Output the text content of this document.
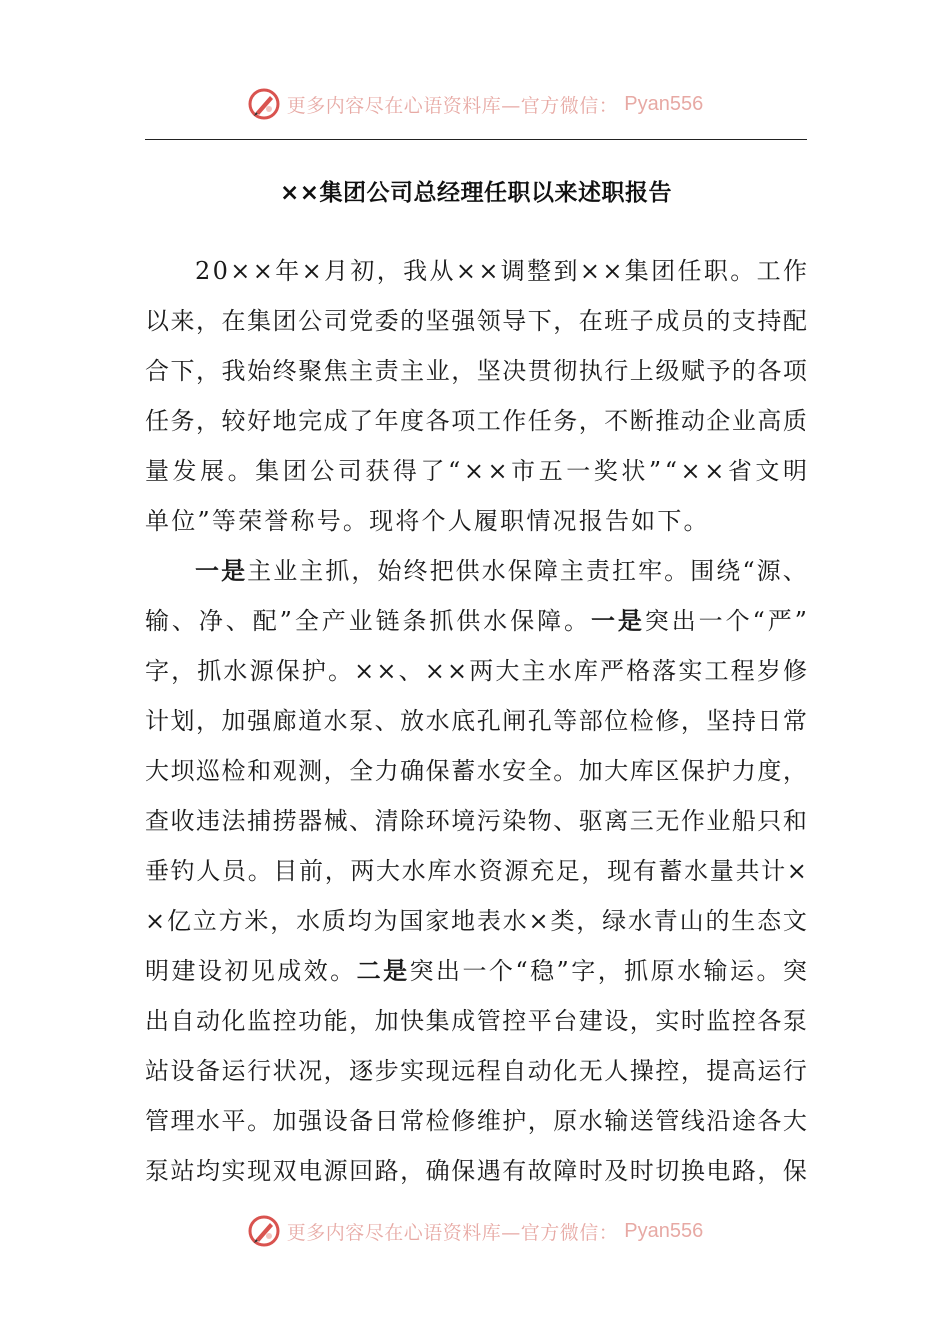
更多内容尽在心语资料库—官方微信： Pyan556
××集团公司总经理任职以来述职报告
2 0 × × 年 × 月 初 ， 我 从 × × 调 整 到 × × 集 团 任 职 。 工 作
以 来 ， 在 集 团 公 司 党 委 的 坚 强 领 导 下 ， 在 班 子 成 员 的 支 持 配
合 下 ， 我 始 终 聚 焦 主 责 主 业 ， 坚 决 贯 彻 执 行 上 级 赋 予 的 各 项
任 务 ， 较 好 地 完 成 了 年 度 各 项 工 作 任 务 ， 不 断 推 动 企 业 高 质
量 发 展 。 集 团 公 司 获 得 了 “ × × 市 五 一 奖 状 ” “ × × 省 文 明
单 位 ” 等 荣 誉 称 号 。 现 将 个 人 履 职 情 况 报 告 如 下 。
一 是 主 业 主 抓 ， 始 终 把 供 水 保 障 主 责 扛 牢 。 围 绕 “ 源 、
输 、 净 、 配 ” 全 产 业 链 条 抓 供 水 保 障 。 一 是 突 出 一 个 “ 严 ”
字 ， 抓 水 源 保 护 。 × × 、 × × 两 大 主 水 库 严 格 落 实 工 程 岁 修
计 划 ， 加 强 廊 道 水 泵 、 放 水 底 孔 闸 孔 等 部 位 检 修 ， 坚 持 日 常
大 坝 巡 检 和 观 测 ， 全 力 确 保 蓄 水 安 全 。 加 大 库 区 保 护 力 度 ，
查 收 违 法 捕 捞 器 械 、 清 除 环 境 污 染 物 、 驱 离 三 无 作 业 船 只 和
垂 钓 人 员 。 目 前 ， 两 大 水 库 水 资 源 充 足 ， 现 有 蓄 水 量 共 计 ×
× 亿 立 方 米 ， 水 质 均 为 国 家 地 表 水 × 类 ， 绿 水 青 山 的 生 态 文
明 建 设 初 见 成 效 。 二 是 突 出 一 个 “ 稳 ” 字 ， 抓 原 水 输 运 。 突
出 自 动 化 监 控 功 能 ， 加 快 集 成 管 控 平 台 建 设 ， 实 时 监 控 各 泵
站 设 备 运 行 状 况 ， 逐 步 实 现 远 程 自 动 化 无 人 操 控 ， 提 高 运 行
管 理 水 平 。 加 强 设 备 日 常 检 修 维 护 ， 原 水 输 送 管 线 沿 途 各 大
泵 站 均 实 现 双 电 源 回 路 ， 确 保 遇 有 故 障 时 及 时 切 换 电 路 ， 保
更多内容尽在心语资料库—官方微信： Pyan556
